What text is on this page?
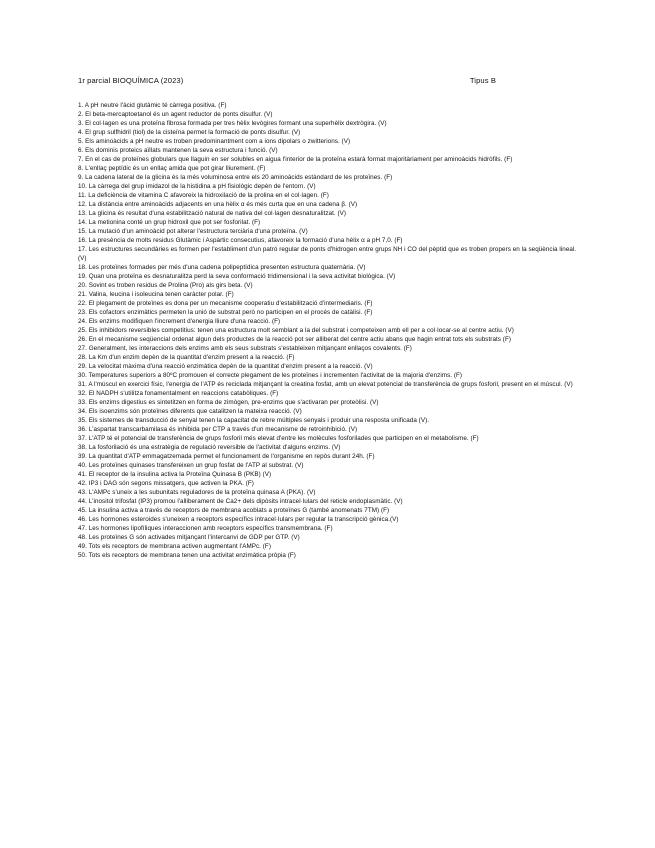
1r parcial BIOQUÍMICA (2023)	Tipus B

1. A pH neutre l'àcid glutàmic té càrrega positiva. (F)

2. El beta-mercaptoetanol és un agent reductor de ponts disulfur. (V)

3. El col·lagen es una proteïna fibrosa formada per tres hèlix levògires formant una superhèlix dextrògira. (V)

4. El grup sulfhidril (tiol) de la cisteïna permet la formació de ponts disulfur. (V)

5. Els aminoàcids a pH neutre es troben predominantment com a ions dipolars o zwitterions. (V)

6. Els dominis proteics aïllats mantenen la seva estructura i funció. (V)

7. En el cas de proteïnes globulars que llaguin en ser solubles en aigua l'interior de la proteïna estarà format majoritàriament per aminoàcids hidròfils. (F)

8. L'enllaç peptídic és un enllaç amida que pot girar lliurement. (F)

9. La cadena lateral de la glicina és la més voluminosa entre els 20 aminoàcids estàndard de les proteïnes. (F)

10. La càrrega del grup imidazol de la histidina a pH fisiològic depèn de l'entorn. (V)

11. La deficiència de vitamina C afavoreix la hidroxilació de la prolina en el col·lagen. (F)

12. La distància entre aminoàcids adjacents en una hèlix α és més curta que en una cadena β. (V)

13. La glicina és resultat d'una estabilització natural de nativa del col·lagen desnaturalitzat. (V)

14. La metionina conté un grup hidroxil que pot ser fosforilat. (F)

15. La mutació d'un aminoàcid pot alterar l'estructura terciària d'una proteïna. (V)

16. La presència de molts residus Glutàmic i Aspàrtic consecutius, afavoreix la formació d'una hèlix α a pH 7,0. (F)

17. Les estructures secundàries es formen per l'establiment d'un patró regular de ponts d'hidrogen entre grups NH i CO del pèptid que es troben propers en la seqüència lineal. (V)

18. Les proteïnes formades per més d'una cadena polipeptídica presenten estructura quaternària. (V)

19. Quan una proteïna es desnaturalitza perd la seva conformació tridimensional i la seva activitat biològica. (V)

20. Sovint es troben residus de Prolina (Pro) als girs beta. (V)

21. Valina, leucina i isoleucina tenen caràcter polar. (F)

22. El plegament de proteïnes es dona per un mecanisme cooperatiu d'estabilització d'intermediaris. (F)

23. Els cofactors enzimàtics permeten la unió de substrat però no participen en el procés de catàlisi. (F)

24. Els enzims modifiquen l'increment d'energia lliure d'una reacció. (F)

25. Els inhibidors reversibles competitius: tenen una estructura molt semblant a la del substrat i competeixen amb ell per a col·locar-se al centre actiu. (V)

26. En el mecanisme seqüencial ordenat algun dels productes de la reacció pot ser alliberat del centre actiu abans que hagin entrat tots els substrats (F)

27. Generalment, les interaccions dels enzims amb els seus substrats s'estableixen mitjançant enllaços covalents. (F)

28. La Km d'un enzim depèn de la quantitat d'enzim present a la reacció. (F)

29. La velocitat màxima d'una reacció enzimàtica depèn de la quantitat d'enzim present a la reacció. (V)

30. Temperatures superiors a 80ºC promouen el correcte plegament de les proteïnes i incrementen l'activitat de la majoria d'enzims. (F)

31. A l'múscul en exercici físic, l'energia de l'ATP és reciclada mitjançant la creatina fosfat, amb un elevat potencial de transferència de grups fosforil, present en el múscul. (V)

32. El NADPH s'utilitza fonamentalment en reaccions catabòliques. (F)

33. Els enzims digestius es sintetitzen en forma de zimògen, pre-enzims que s'activaran per proteòlisi. (V)

34. Els isoenzims són proteïnes diferents que catalitzen la mateixa reacció. (V)

35. Els sistemes de transducció de senyal tenen la capacitat de rebre múltiples senyals i produir una resposta unificada (V).

36. L'aspartat transcarbamilasa és inhibida per CTP a través d'un mecanisme de retroinhibició. (V)

37. L'ATP té el potencial de transferència de grups fosforil més elevat d'entre les molècules fosforilades que participen en el metabolisme. (F)

38. La fosforilació és una estratègia de regulació reversible de l'activitat d'alguns enzims. (V)

39. La quantitat d'ATP emmagatzemada permet el funcionament de l'organisme en repòs durant 24h. (F)

40. Les proteïnes quinases transfereixen un grup fosfat de l'ATP al substrat. (V)

41. El receptor de la insulina activa la Proteïna Quinasa B (PKB) (V)

42. IP3 i DAG són segons missatgers, que activen la PKA. (F)

43. L'AMPc s'uneix a les subunitats reguladores de la proteïna quinasa A (PKA). (V)

44. L'inositol trifosfat (IP3) promou l'alliberament de Ca2+ dels dipòsits intracel·lulars del reticle endoplasmàtic. (V)

45. La insulina activa a través de receptors de membrana acoblats a proteïnes G (també anomenats 7TM) (F)

46. Les hormones esteroides s'uneixen a receptors específics intracel·lulars per regular la transcripció gènica.(V)

47. Les hormones lipofíliques interaccionen amb receptors específics transmembrana. (F)

48. Les proteïnes G són activades mitjançant l'intercanvi de GDP per GTP. (V)

49. Tots els receptors de membrana activen augmentant l'AMPc. (F)

50. Tots els receptors de membrana tenen una activitat enzimàtica pròpia (F)
